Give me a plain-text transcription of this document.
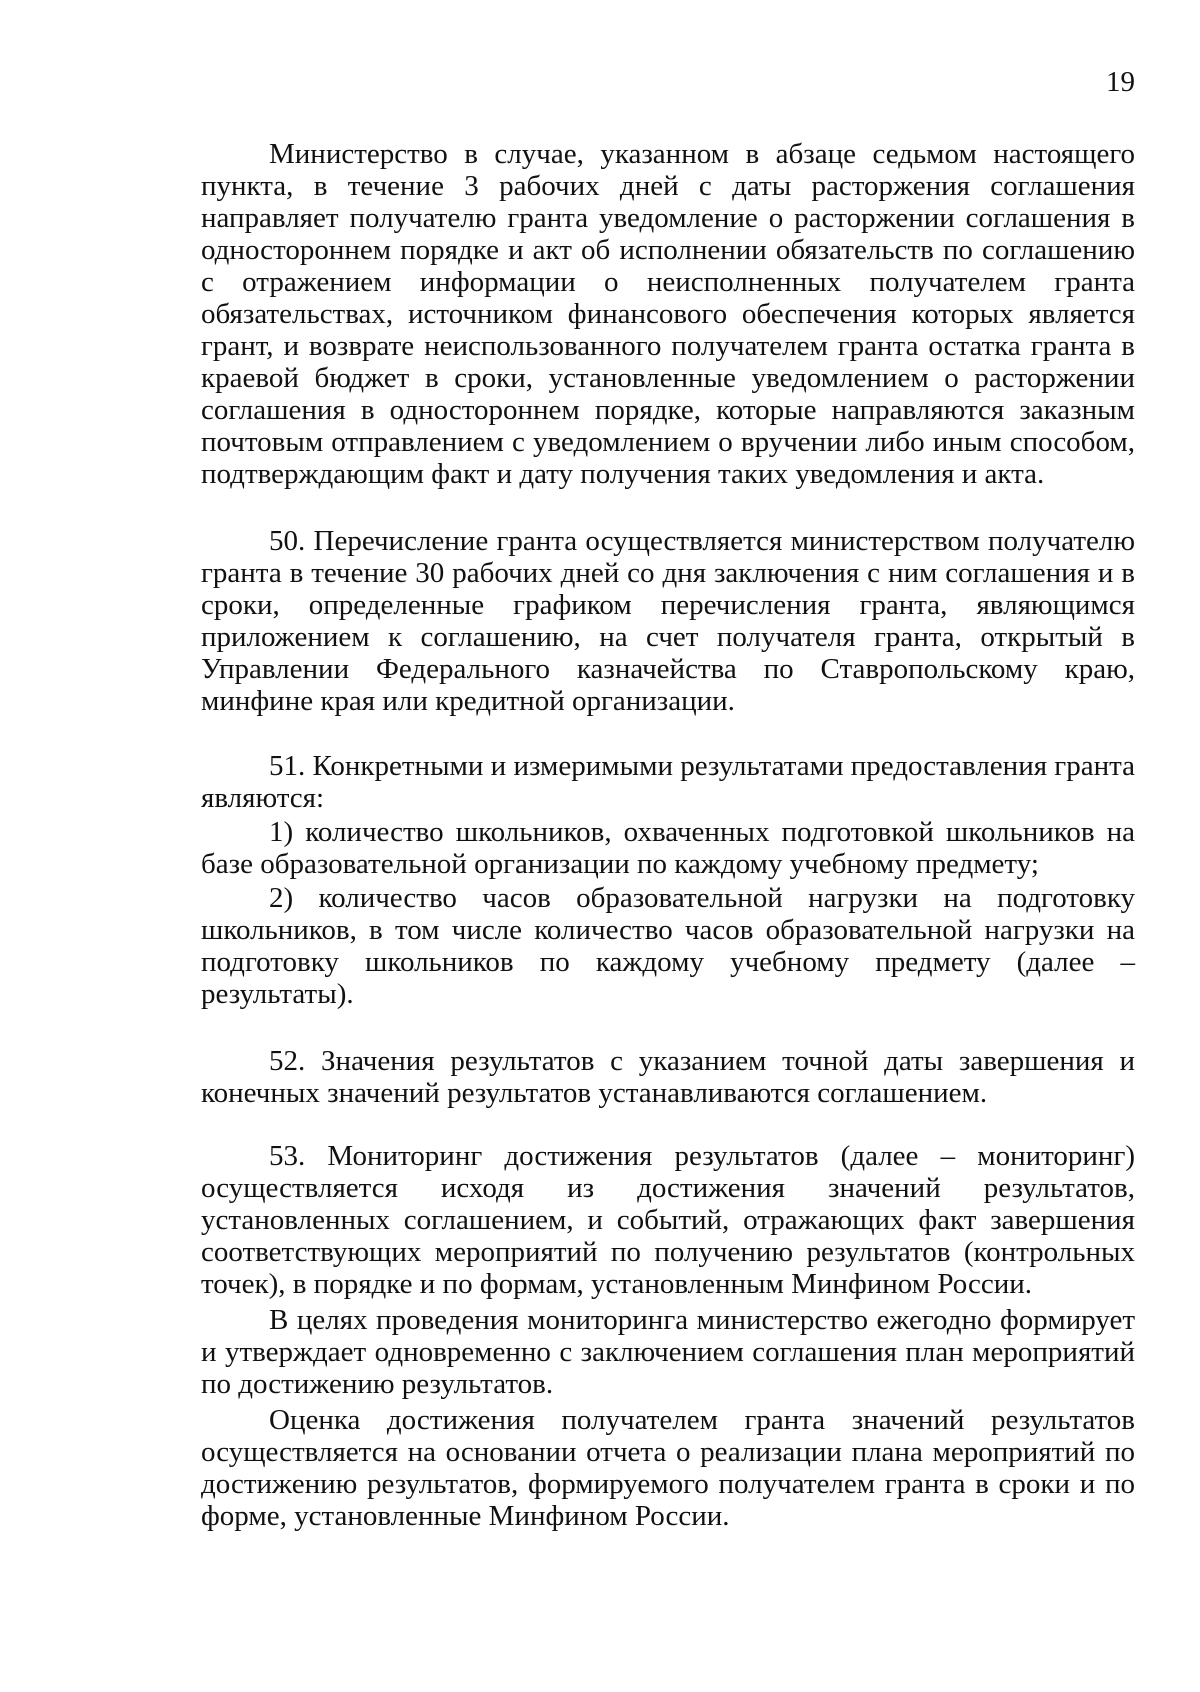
19

Министерство в случае, указанном в абзаце седьмом настоящего пункта, в течение 3 рабочих дней с даты расторжения соглашения направляет получателю гранта уведомление о расторжении соглашения в одностороннем порядке и акт об исполнении обязательств по соглашению с отражением информации о неисполненных получателем гранта обязательствах, источником финансового обеспечения которых является грант, и возврате неиспользованного получателем гранта остатка гранта в краевой бюджет в сроки, установленные уведомлением о расторжении соглашения в одностороннем порядке, которые направляются заказным почтовым отправлением с уведомлением о вручении либо иным способом, подтверждающим факт и дату получения таких уведомления и акта.

50. Перечисление гранта осуществляется министерством получателю гранта в течение 30 рабочих дней со дня заключения с ним соглашения и в сроки, определенные графиком перечисления гранта, являющимся приложением к соглашению, на счет получателя гранта, открытый в Управлении Федерального казначейства по Ставропольскому краю, минфине края или кредитной организации.

51. Конкретными и измеримыми результатами предоставления гранта являются:

1) количество школьников, охваченных подготовкой школьников на базе образовательной организации по каждому учебному предмету;

2) количество часов образовательной нагрузки на подготовку школьников, в том числе количество часов образовательной нагрузки на подготовку школьников по каждому учебному предмету (далее – результаты).

52. Значения результатов с указанием точной даты завершения и конечных значений результатов устанавливаются соглашением.

53. Мониторинг достижения результатов (далее – мониторинг) осуществляется исходя из достижения значений результатов, установленных соглашением, и событий, отражающих факт завершения соответствующих мероприятий по получению результатов (контрольных точек), в порядке и по формам, установленным Минфином России.

В целях проведения мониторинга министерство ежегодно формирует и утверждает одновременно с заключением соглашения план мероприятий по достижению результатов.

Оценка достижения получателем гранта значений результатов осуществляется на основании отчета о реализации плана мероприятий по достижению результатов, формируемого получателем гранта в сроки и по форме, установленные Минфином России.
